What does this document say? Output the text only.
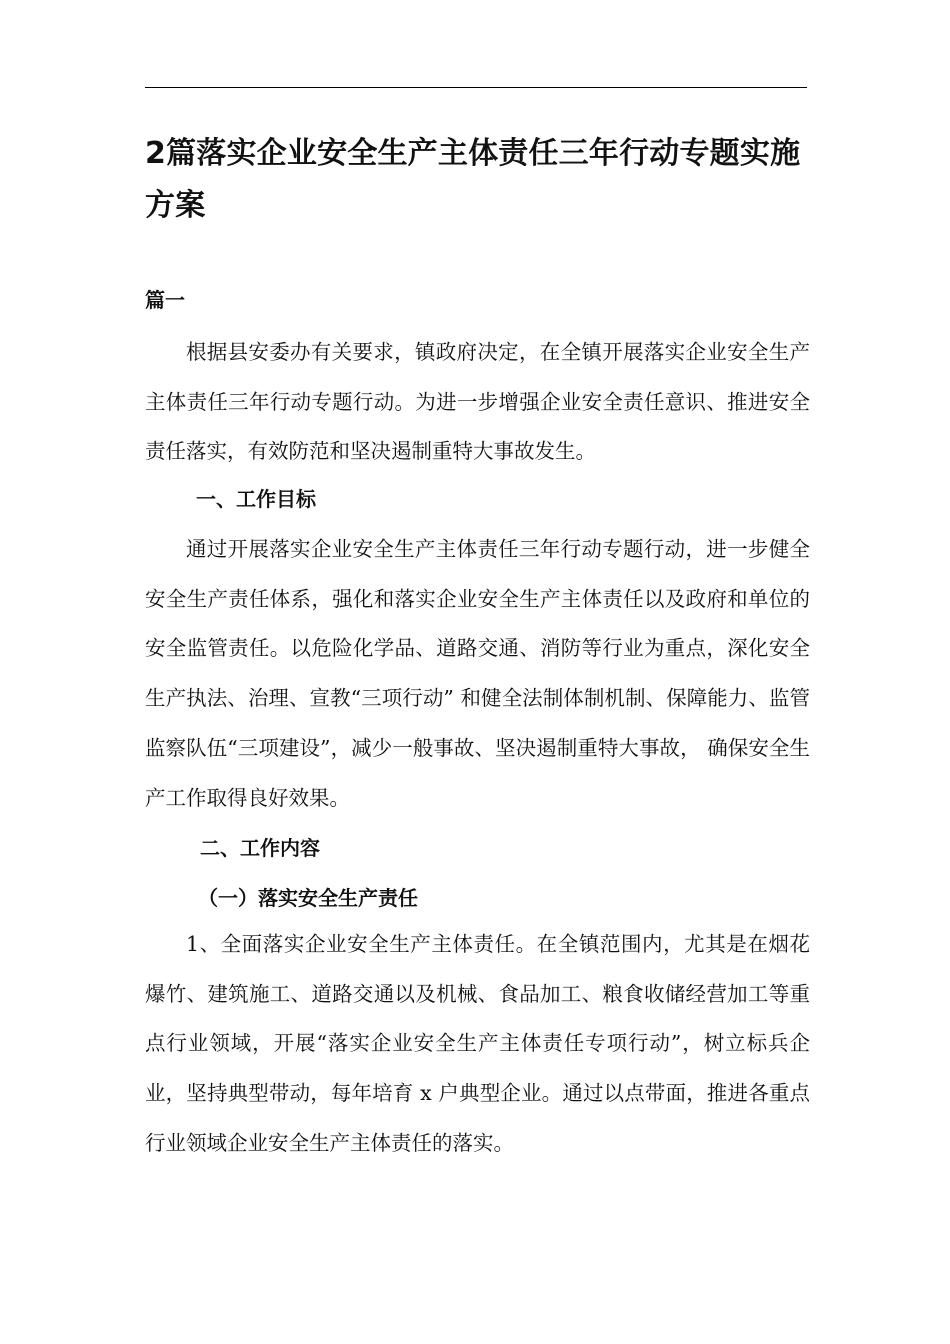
2篇落实企业安全生产主体责任三年行动专题实施方案
篇一

根据县安委办有关要求，镇政府决定，在全镇开展落实企业安全生产主体责任三年行动专题行动。为进一步增强企业安全责任意识、推进安全责任落实，有效防范和坚决遏制重特大事故发生。

一、工作目标

通过开展落实企业安全生产主体责任三年行动专题行动，进一步健全安全生产责任体系，强化和落实企业安全生产主体责任以及政府和单位的安全监管责任。以危险化学品、道路交通、消防等行业为重点，深化安全生产执法、治理、宣教“三项行动” 和健全法制体制机制、保障能力、监管监察队伍“三项建设”，减少一般事故、坚决遏制重特大事故， 确保安全生产工作取得良好效果。

二、工作内容
（一）落实安全生产责任

1、全面落实企业安全生产主体责任。在全镇范围内，尤其是在烟花爆竹、建筑施工、道路交通以及机械、食品加工、粮食收储经营加工等重点行业领域，开展“落实企业安全生产主体责任专项行动”，树立标兵企业，坚持典型带动，每年培育 x 户典型企业。通过以点带面，推进各重点行业领域企业安全生产主体责任的落实。
